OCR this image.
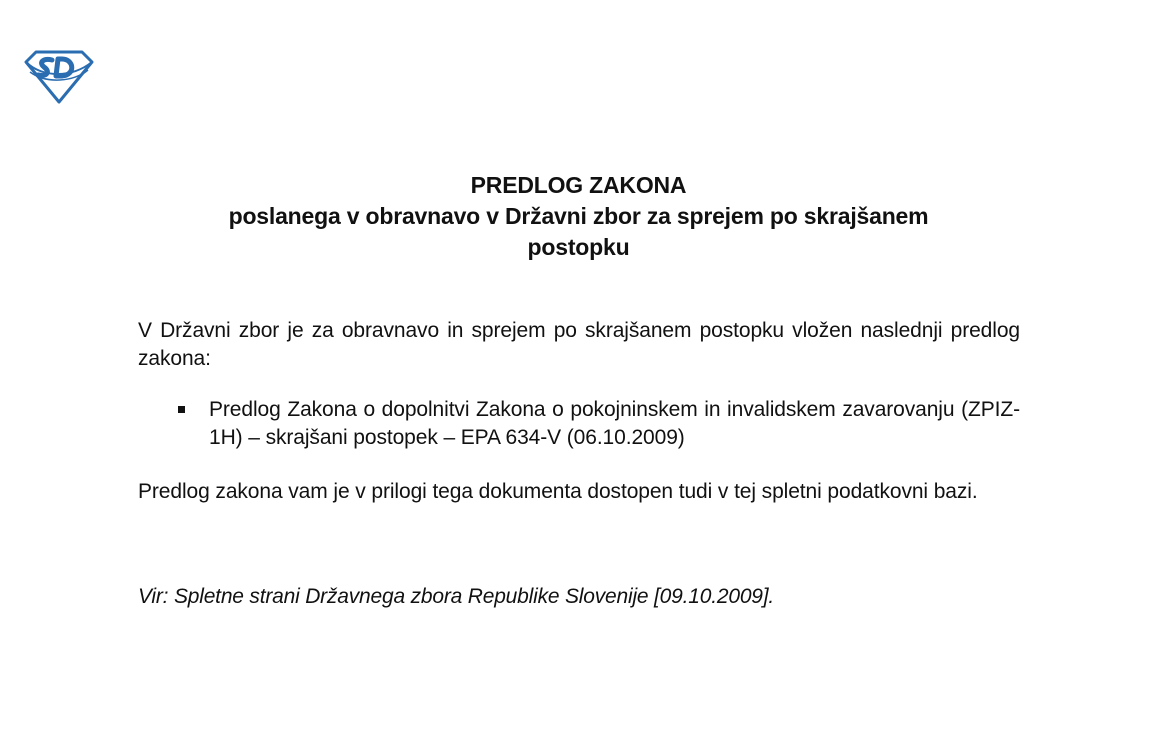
PREDLOG ZAKONA
poslanega v obravnavo v Državni zbor za sprejem po skrajšanem
postopku
V Državni zbor je za obravnavo in sprejem po skrajšanem postopku vložen naslednji predlog zakona:
Predlog Zakona o dopolnitvi Zakona o pokojninskem in invalidskem zavarovanju (ZPIZ-1H) – skrajšani postopek – EPA 634-V (06.10.2009)
Predlog zakona vam je v prilogi tega dokumenta dostopen tudi v tej spletni podatkovni bazi.
Vir: Spletne strani Državnega zbora Republike Slovenije [09.10.2009].
